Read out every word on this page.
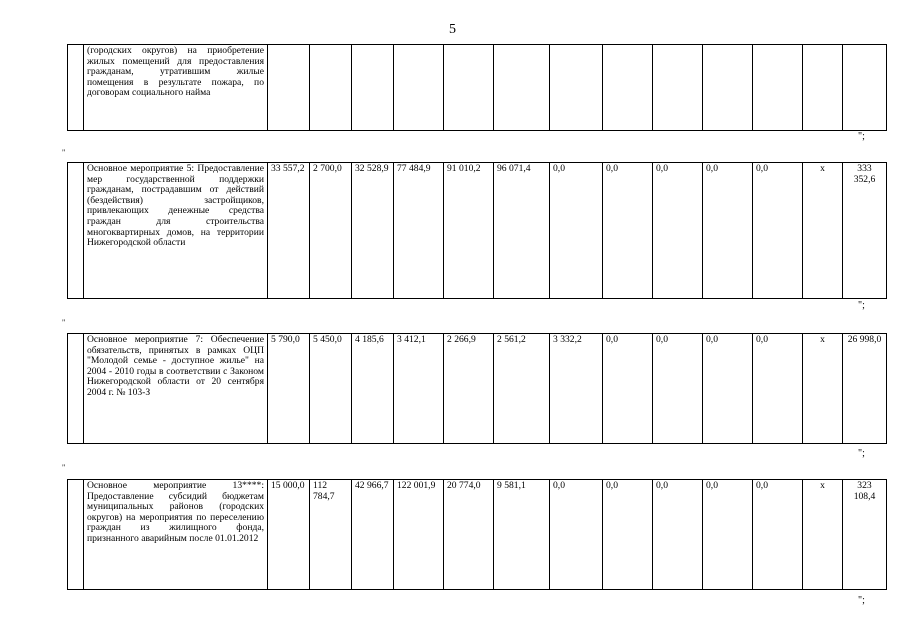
5
	(городских округов) на приобретение жилых помещений для предоставления гражданам, утратившим жилые помещения в результате пожара, по договорам социального найма													
";
"
	Основное мероприятие 5: Предоставление мер государственной поддержки гражданам, пострадавшим от действий (бездействия) застройщиков, привлекающих денежные средства граждан для строительства многоквартирных домов, на территории Нижегородской области	33 557,2	2 700,0	32 528,9	77 484,9	91 010,2	96 071,4	0,0	0,0	0,0	0,0	0,0	x	333 352,6
";
"
	Основное мероприятие 7: Обеспечение обязательств, принятых в рамках ОЦП "Молодой семье - доступное жилье" на 2004 - 2010 годы в соответствии с Законом Нижегородской области от 20 сентября 2004 г. № 103-З	5 790,0	5 450,0	4 185,6	3 412,1	2 266,9	2 561,2	3 332,2	0,0	0,0	0,0	0,0	x	26 998,0
";
"
	Основное мероприятие 13****: Предоставление субсидий бюджетам муниципальных районов (городских округов) на мероприятия по переселению граждан из жилищного фонда, признанного аварийным после 01.01.2012	15 000,0	112 784,7	42 966,7	122 001,9	20 774,0	9 581,1	0,0	0,0	0,0	0,0	0,0	x	323 108,4
";
